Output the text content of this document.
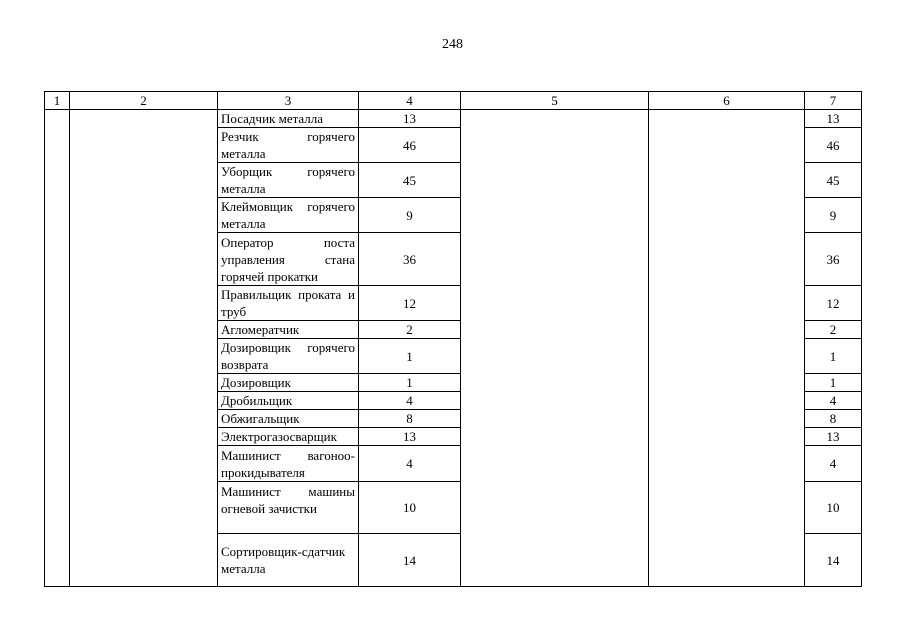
248
1	2	3	4	5	6	7
		Посадчик металла	13			13
		Резчик горячего металла	46			46
		Уборщик горячего металла	45			45
		Клеймовщик горячего металла	9			9
		Оператор поста управления стана горячей прокатки	36			36
		Правильщик проката и труб	12			12
		Агломератчик	2			2
		Дозировщик горячего возврата	1			1
		Дозировщик	1			1
		Дробильщик	4			4
		Обжигальщик	8			8
		Электрогазосварщик	13			13
		Машинист вагоноо-прокидывателя	4			4
		Машинист машины огневой зачистки	10			10
		Сортировщик-сдатчик металла	14			14
